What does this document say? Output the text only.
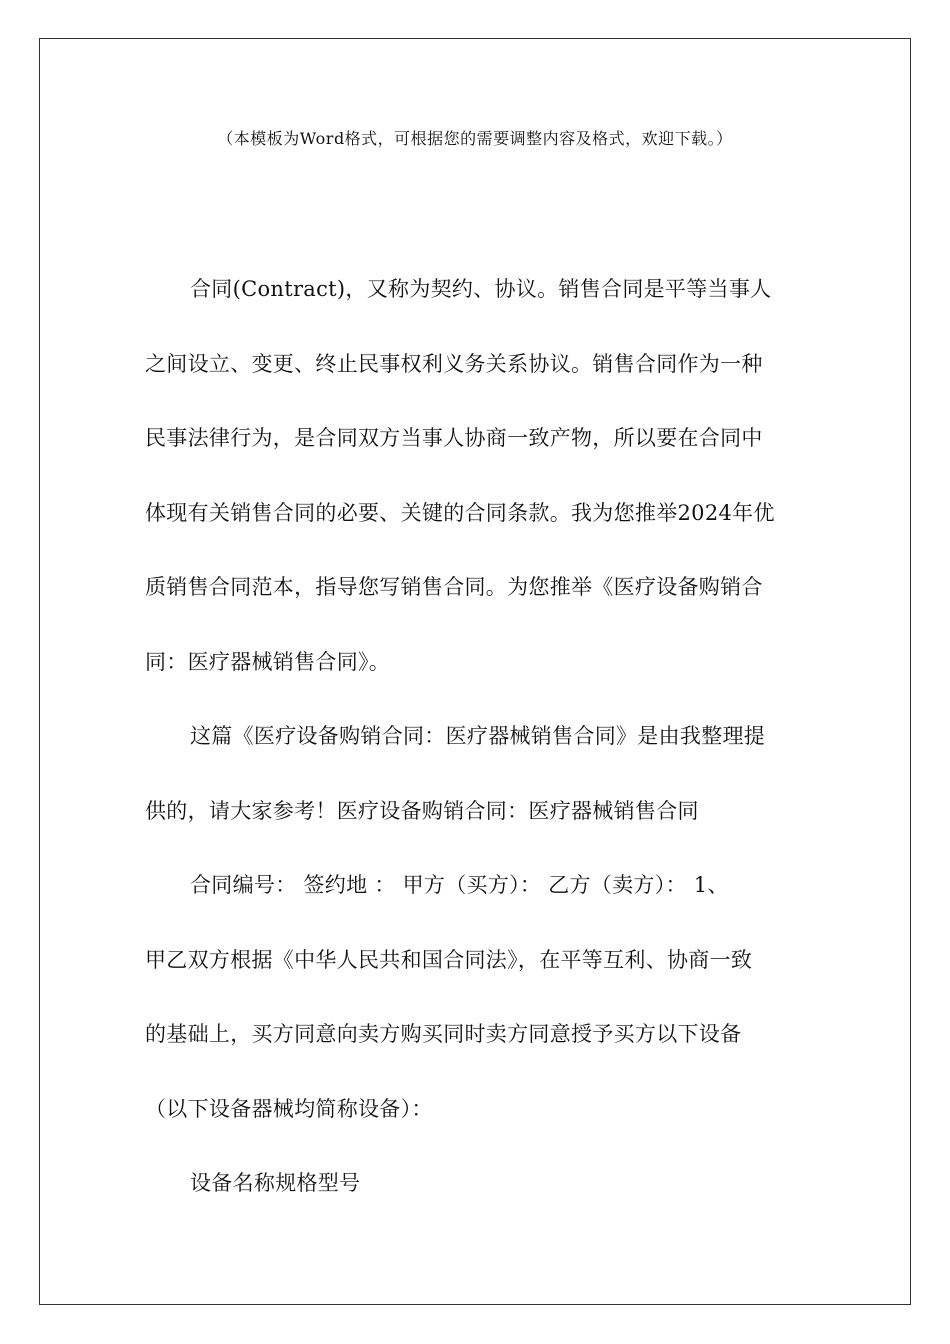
（本模板为Word格式，可根据您的需要调整内容及格式，欢迎下载。）
合同(Contract)，又称为契约、协议。销售合同是平等当事人
之间设立、变更、终止民事权利义务关系协议。销售合同作为一种
民事法律行为，是合同双方当事人协商一致产物，所以要在合同中
体现有关销售合同的必要、关键的合同条款。我为您推举2024年优
质销售合同范本，指导您写销售合同。为您推举《医疗设备购销合
同：医疗器械销售合同》。
这篇《医疗设备购销合同：医疗器械销售合同》是由我整理提
供的，请大家参考！医疗设备购销合同：医疗器械销售合同
合同编号： 签约地 ： 甲方（买方）： 乙方（卖方）： 1、
甲乙双方根据《中华人民共和国合同法》，在平等互利、协商一致
的基础上，买方同意向卖方购买同时卖方同意授予买方以下设备
（以下设备器械均简称设备）：
设备名称规格型号
